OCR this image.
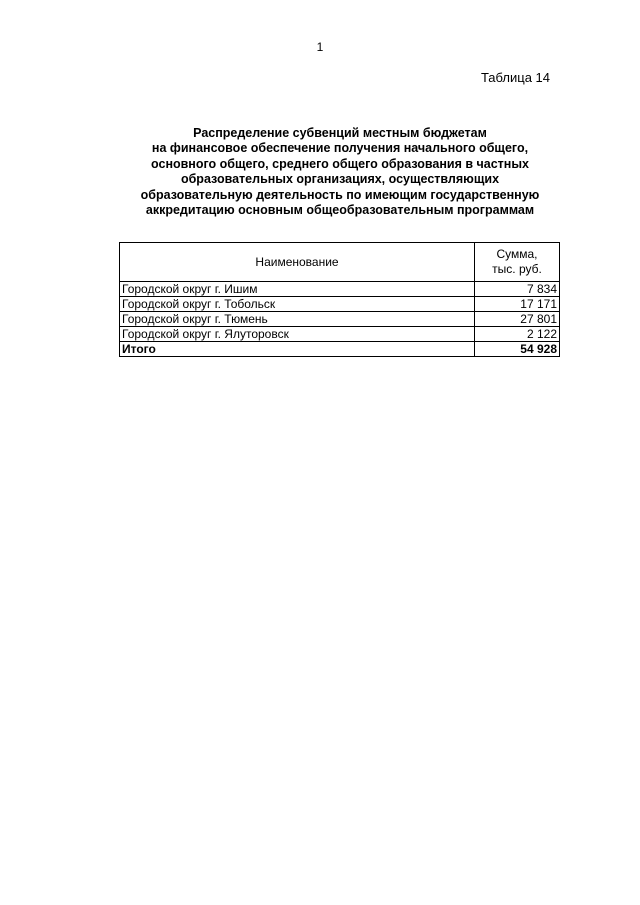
1
Таблица 14
Распределение субвенций местным бюджетам
на финансовое обеспечение получения начального общего,
основного общего, среднего общего образования в частных
образовательных организациях, осуществляющих
образовательную деятельность по имеющим государственную
аккредитацию основным общеобразовательным программам
Наименование	Сумма,
тыс. руб.

Городской округ г. Ишим	7 834
Городской округ г. Тобольск	17 171
Городской округ г. Тюмень	27 801
Городской округ г. Ялуторовск	2 122
Итого	54 928
